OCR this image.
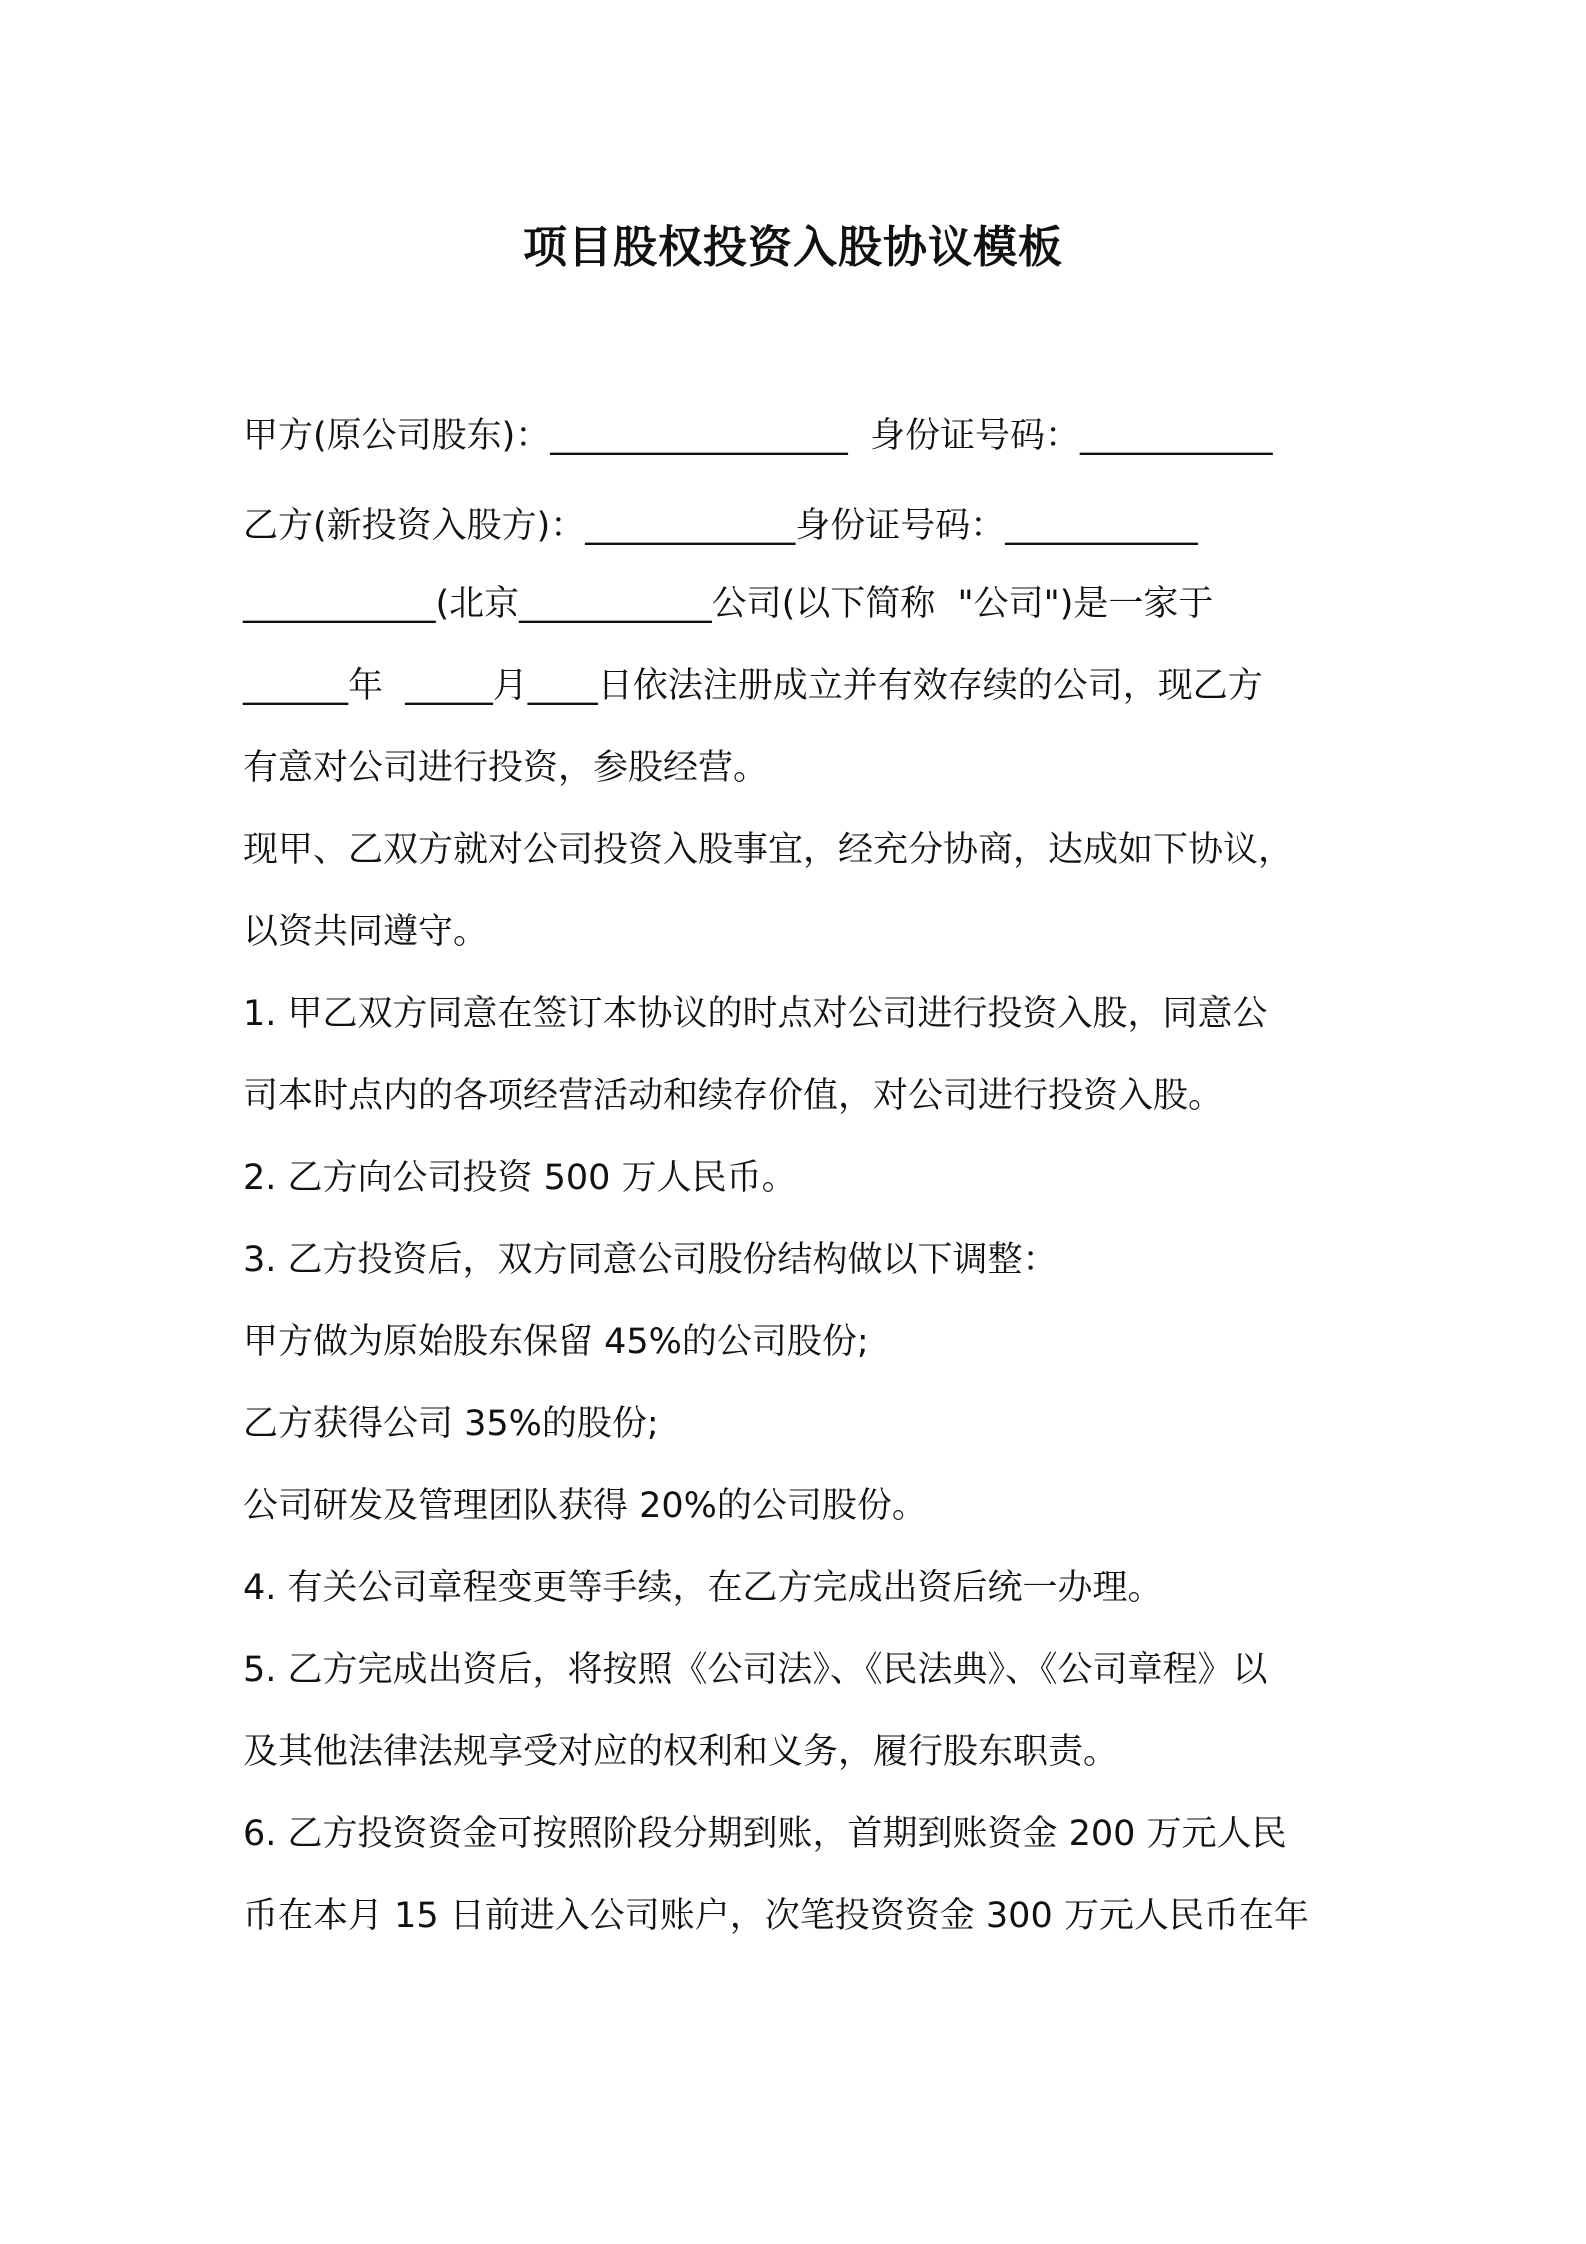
项目股权投资入股协议模板
甲方(原公司股东)：_________________  身份证号码：___________
乙方(新投资入股方)：____________身份证号码：___________
___________(北京___________公司(以下简称  "公司")是一家于
______年  _____月____日依法注册成立并有效存续的公司，现乙方
有意对公司进行投资，参股经营。
现甲、乙双方就对公司投资入股事宜，经充分协商，达成如下协议，
以资共同遵守。
1. 甲乙双方同意在签订本协议的时点对公司进行投资入股，同意公
司本时点内的各项经营活动和续存价值，对公司进行投资入股。
2. 乙方向公司投资 500 万人民币。
3. 乙方投资后，双方同意公司股份结构做以下调整：
甲方做为原始股东保留 45%的公司股份;
乙方获得公司 35%的股份;
公司研发及管理团队获得 20%的公司股份。
4. 有关公司章程变更等手续，在乙方完成出资后统一办理。
5. 乙方完成出资后，将按照《公司法》、《民法典》、《公司章程》以
及其他法律法规享受对应的权利和义务，履行股东职责。
6. 乙方投资资金可按照阶段分期到账，首期到账资金 200 万元人民
币在本月 15 日前进入公司账户，次笔投资资金 300 万元人民币在年
